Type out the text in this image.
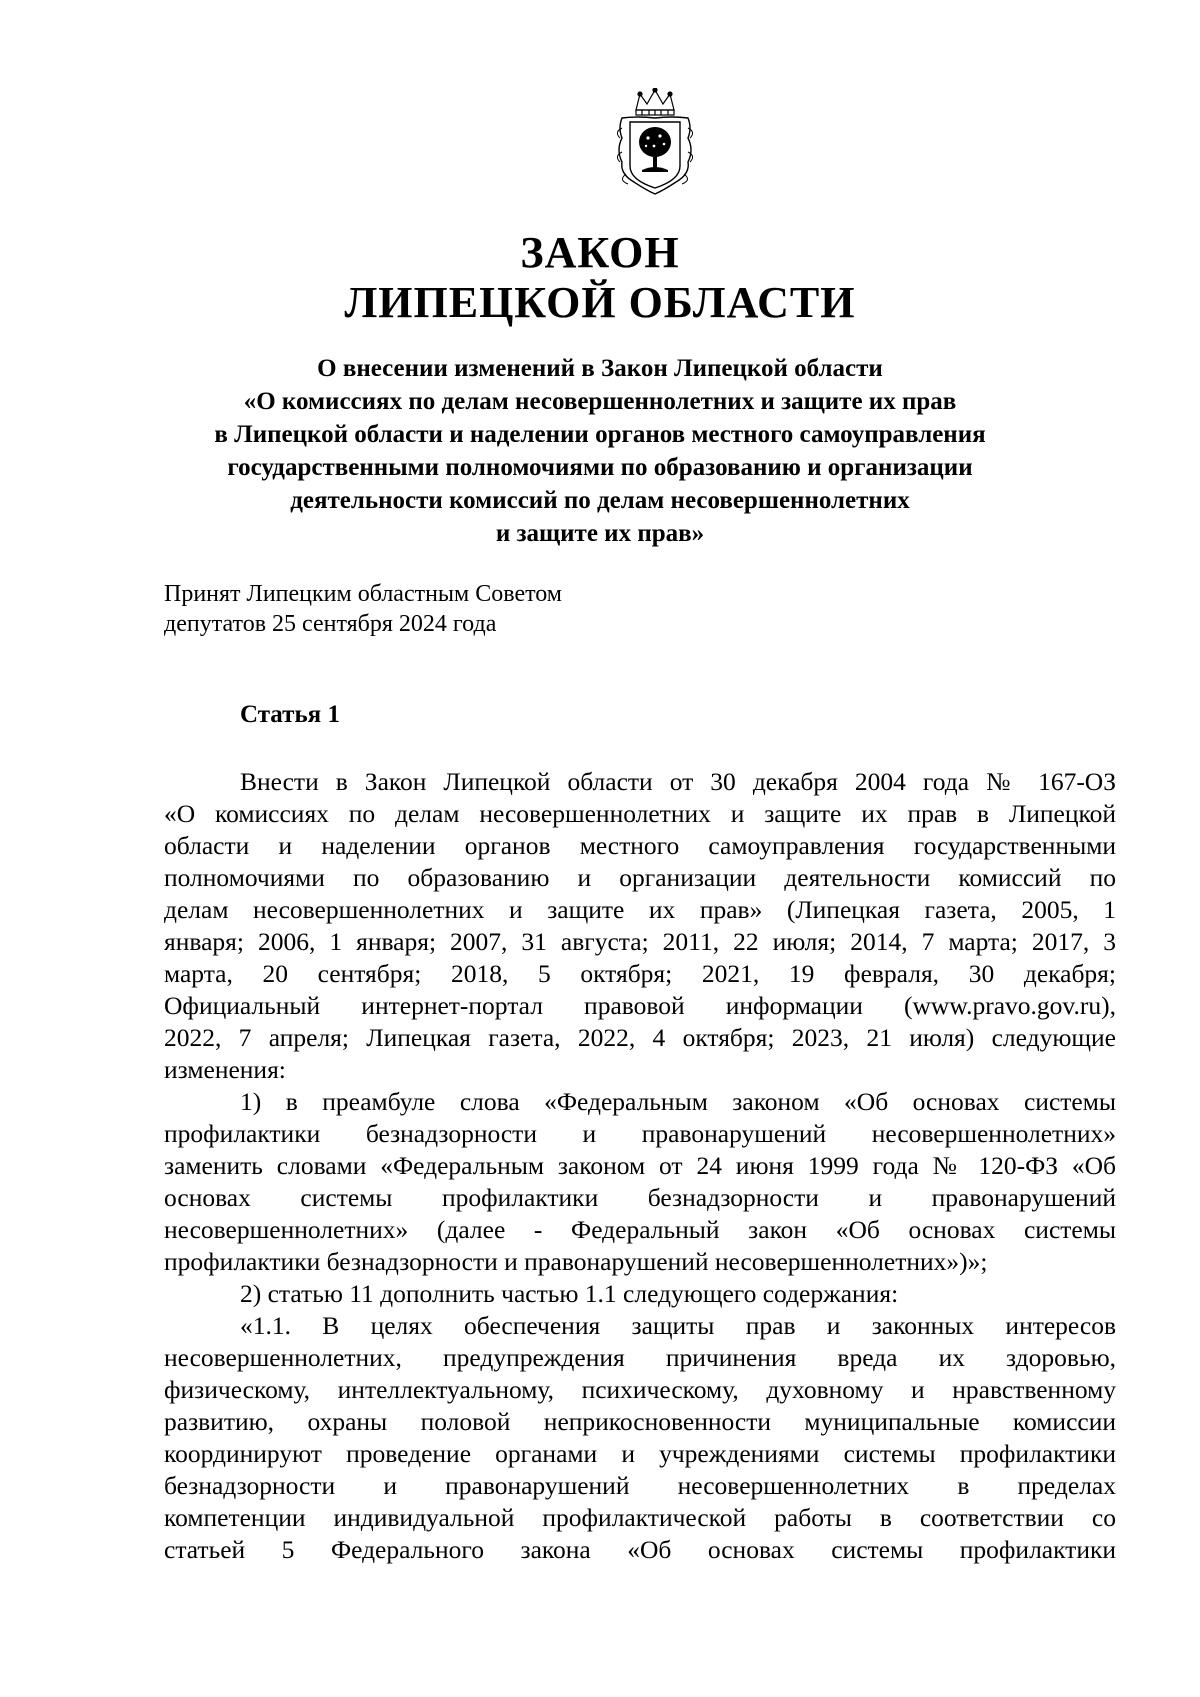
ЗАКОН
ЛИПЕЦКОЙ ОБЛАСТИ
О внесении изменений в Закон Липецкой области
«О комиссиях по делам несовершеннолетних и защите их прав
в Липецкой области и наделении органов местного самоуправления
государственными полномочиями по образованию и организации
деятельности комиссий по делам несовершеннолетних
и защите их прав»
Принят Липецким областным Советом
депутатов 25 сентября 2024 года
Статья 1
Внести в Закон Липецкой области от 30 декабря 2004 года № 167-ОЗ
«О комиссиях по делам несовершеннолетних и защите их прав в Липецкой
области и наделении органов местного самоуправления государственными
полномочиями по образованию и организации деятельности комиссий по
делам несовершеннолетних и защите их прав» (Липецкая газета, 2005, 1
января; 2006, 1 января; 2007, 31 августа; 2011, 22 июля; 2014, 7 марта; 2017, 3
марта, 20 сентября; 2018, 5 октября; 2021, 19 февраля, 30 декабря;
Официальный интернет-портал правовой информации (www.pravo.gov.ru),
2022, 7 апреля; Липецкая газета, 2022, 4 октября; 2023, 21 июля) следующие
изменения:
1) в преамбуле слова «Федеральным законом «Об основах системы
профилактики безнадзорности и правонарушений несовершеннолетних»
заменить словами «Федеральным законом от 24 июня 1999 года № 120-ФЗ «Об
основах системы профилактики безнадзорности и правонарушений
несовершеннолетних» (далее - Федеральный закон «Об основах системы
профилактики безнадзорности и правонарушений несовершеннолетних»)»;
2) статью 11 дополнить частью 1.1 следующего содержания:
«1.1. В целях обеспечения защиты прав и законных интересов
несовершеннолетних, предупреждения причинения вреда их здоровью,
физическому, интеллектуальному, психическому, духовному и нравственному
развитию, охраны половой неприкосновенности муниципальные комиссии
координируют проведение органами и учреждениями системы профилактики
безнадзорности и правонарушений несовершеннолетних в пределах
компетенции индивидуальной профилактической работы в соответствии со
статьей 5 Федерального закона «Об основах системы профилактики
